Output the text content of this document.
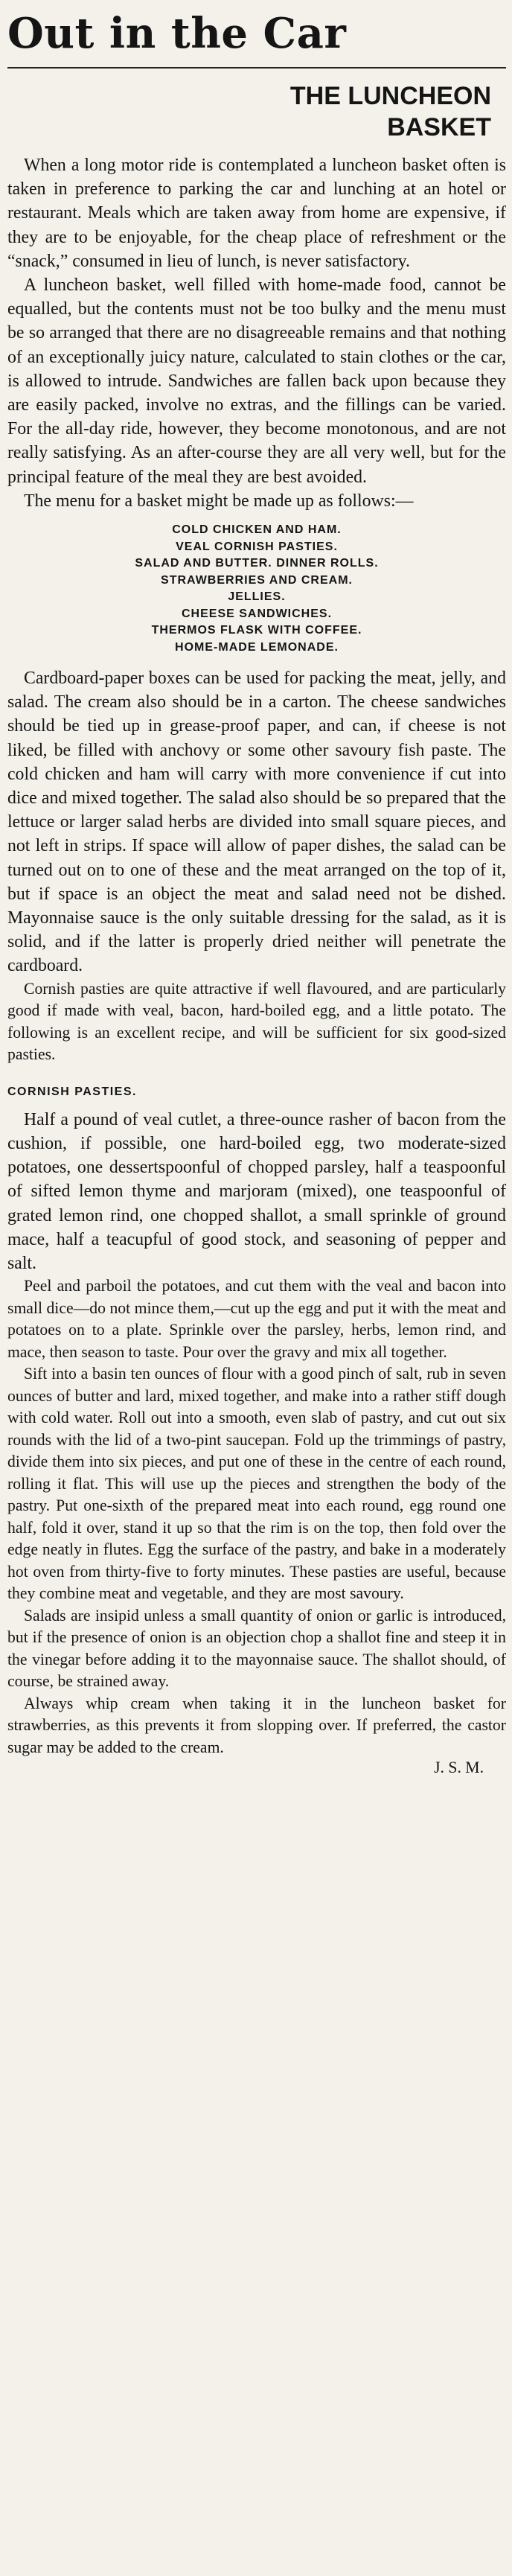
Out in the Car
THE LUNCHEON
BASKET

When a long motor ride is contemplated a luncheon basket often is taken in preference to parking the car and lunching at an hotel or restaurant. Meals which are taken away from home are expensive, if they are to be enjoyable, for the cheap place of refreshment or the “snack,” consumed in lieu of lunch, is never satisfactory.

A luncheon basket, well filled with home-made food, cannot be equalled, but the contents must not be too bulky and the menu must be so arranged that there are no disagreeable remains and that nothing of an exceptionally juicy nature, calculated to stain clothes or the car, is allowed to intrude. Sandwiches are fallen back upon because they are easily packed, involve no extras, and the fillings can be varied. For the all-day ride, however, they become monotonous, and are not really satisfying. As an after-course they are all very well, but for the principal feature of the meal they are best avoided.

The menu for a basket might be made up as follows:—

COLD CHICKEN AND HAM.
VEAL CORNISH PASTIES.
SALAD AND BUTTER. DINNER ROLLS.
STRAWBERRIES AND CREAM.
JELLIES.
CHEESE SANDWICHES.
THERMOS FLASK WITH COFFEE.
HOME-MADE LEMONADE.

Cardboard-paper boxes can be used for packing the meat, jelly, and salad. The cream also should be in a carton. The cheese sandwiches should be tied up in grease-proof paper, and can, if cheese is not liked, be filled with anchovy or some other savoury fish paste. The cold chicken and ham will carry with more convenience if cut into dice and mixed together. The salad also should be so prepared that the lettuce or larger salad herbs are divided into small square pieces, and not left in strips. If space will allow of paper dishes, the salad can be turned out on to one of these and the meat arranged on the top of it, but if space is an object the meat and salad need not be dished. Mayonnaise sauce is the only suitable dressing for the salad, as it is solid, and if the latter is properly dried neither will penetrate the cardboard.

Cornish pasties are quite attractive if well flavoured, and are particularly good if made with veal, bacon, hard-boiled egg, and a little potato. The following is an excellent recipe, and will be sufficient for six good-sized pasties.

CORNISH PASTIES.

Half a pound of veal cutlet, a three-ounce rasher of bacon from the cushion, if possible, one hard-boiled egg, two moderate-sized potatoes, one dessertspoonful of chopped parsley, half a teaspoonful of sifted lemon thyme and marjoram (mixed), one teaspoonful of grated lemon rind, one chopped shallot, a small sprinkle of ground mace, half a teacupful of good stock, and seasoning of pepper and salt.

Peel and parboil the potatoes, and cut them with the veal and bacon into small dice—do not mince them,—cut up the egg and put it with the meat and potatoes on to a plate. Sprinkle over the parsley, herbs, lemon rind, and mace, then season to taste. Pour over the gravy and mix all together.

Sift into a basin ten ounces of flour with a good pinch of salt, rub in seven ounces of butter and lard, mixed together, and make into a rather stiff dough with cold water. Roll out into a smooth, even slab of pastry, and cut out six rounds with the lid of a two-pint saucepan. Fold up the trimmings of pastry, divide them into six pieces, and put one of these in the centre of each round, rolling it flat. This will use up the pieces and strengthen the body of the pastry. Put one-sixth of the prepared meat into each round, egg round one half, fold it over, stand it up so that the rim is on the top, then fold over the edge neatly in flutes. Egg the surface of the pastry, and bake in a moderately hot oven from thirty-five to forty minutes. These pasties are useful, because they combine meat and vegetable, and they are most savoury.

Salads are insipid unless a small quantity of onion or garlic is introduced, but if the presence of onion is an objection chop a shallot fine and steep it in the vinegar before adding it to the mayonnaise sauce. The shallot should, of course, be strained away.

Always whip cream when taking it in the luncheon basket for strawberries, as this prevents it from slopping over. If preferred, the castor sugar may be added to the cream.

J. S. M.
